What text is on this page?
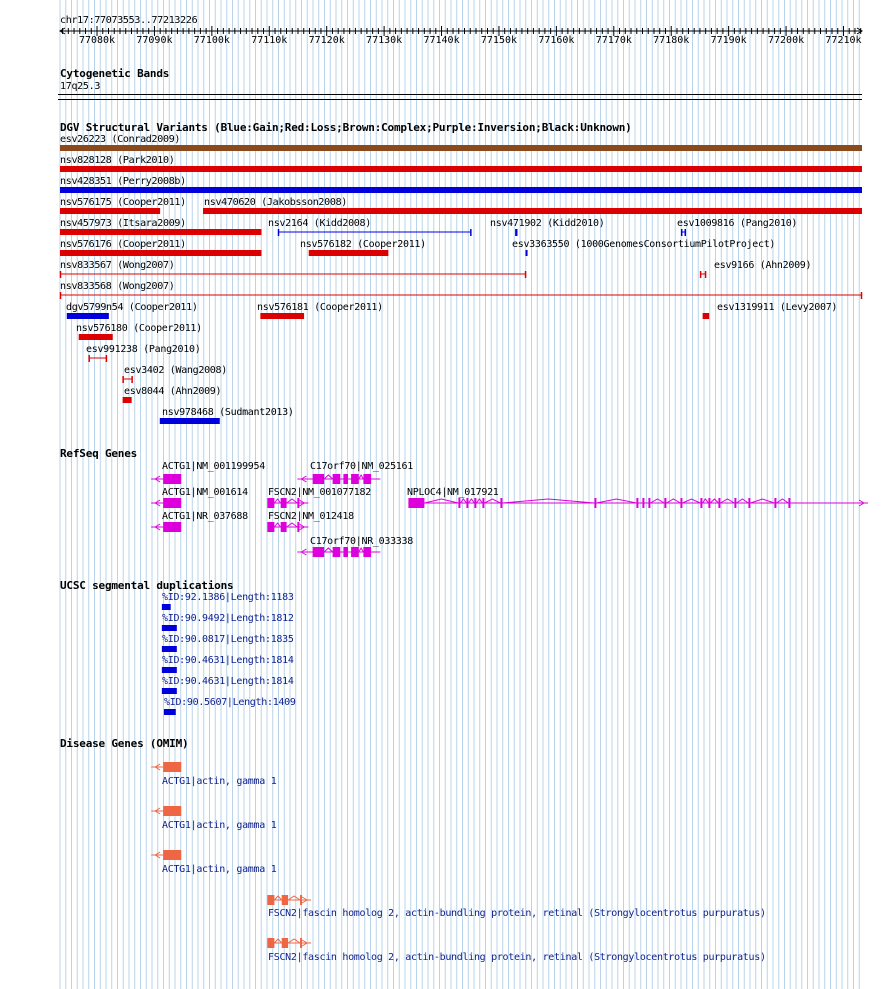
chr17:77073553..77213226
Cytogenetic Bands
17q25.3
DGV Structural Variants (Blue:Gain;Red:Loss;Brown:Complex;Purple:Inversion;Black:Unknown)
esv26223 (Conrad2009)
nsv828128 (Park2010)
nsv428351 (Perry2008b)
nsv576175 (Cooper2011) nsv470620 (Jakobsson2008)
nsv457973 (Itsara2009)	nsv2164 (Kidd2008)	nsv471902 (Kidd2010)	esv1009816 (Pang2010)
nsv576176 (Cooper2011)	nsv576182 (Cooper2011)	esv3363550 (1000GenomesConsortiumPilotProject)
nsv833567 (Wong2007)	esv9166 (Ahn2009)
nsv833568 (Wong2007)
dgv5799n54 (Cooper2011)	nsv576181 (Cooper2011)	esv1319911 (Levy2007)
nsv576180 (Cooper2011)
esv991238 (Pang2010)
esv3402 (Wang2008)
esv8044 (Ahn2009)
nsv978468 (Sudmant2013)
RefSeq Genes
ACTG1|NM_001199954	C17orf70|NM_025161
ACTG1|NM_001614 FSCN2|NM_001077182	NPLOC4|NM_017921
ACTG1|NR_037688 FSCN2|NM_012418
C17orf70|NR_033338
UCSC segmental duplications
%ID:92.1386|Length:1183
%ID:90.9492|Length:1812
%ID:90.0817|Length:1835
%ID:90.4631|Length:1814
%ID:90.4631|Length:1814
%ID:90.5607|Length:1409
Disease Genes (OMIM)
ACTG1|actin, gamma 1
ACTG1|actin, gamma 1
ACTG1|actin, gamma 1
FSCN2|fascin homolog 2, actin-bundling protein, retinal (Strongylocentrotus purpuratus)
FSCN2|fascin homolog 2, actin-bundling protein, retinal (Strongylocentrotus purpuratus)
77080k 77090k 77100k 77110k 77120k 77130k 77140k 77150k 77160k 77170k 77180k 77190k 77200k 77210k
